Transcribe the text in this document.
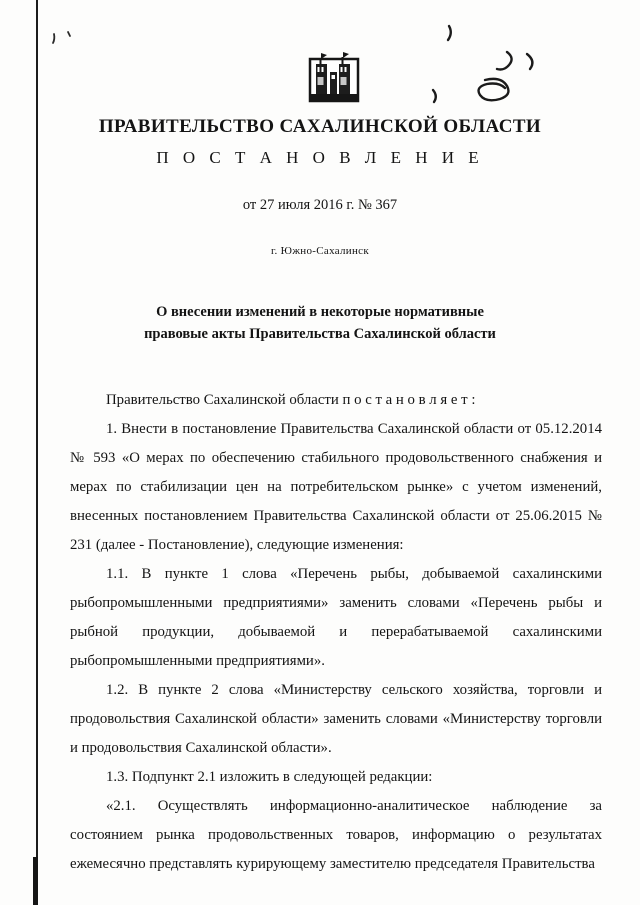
ПРАВИТЕЛЬСТВО САХАЛИНСКОЙ ОБЛАСТИ
П О С Т А Н О В Л Е Н И Е
от 27 июля 2016 г. № 367
г. Южно-Сахалинск
О внесении изменений в некоторые нормативные
правовые акты Правительства Сахалинской области

Правительство Сахалинской области п о с т а н о в л я е т :

1. Внести в постановление Правительства Сахалинской области от 05.12.2014 № 593 «О мерах по обеспечению стабильного продовольственного снабжения и мерах по стабилизации цен на потребительском рынке» с учетом изменений, внесенных постановлением Правительства Сахалинской области от 25.06.2015 № 231 (далее - Постановление), следующие изменения:

1.1. В пункте 1 слова «Перечень рыбы, добываемой сахалинскими рыбопромышленными предприятиями» заменить словами «Перечень рыбы и рыбной продукции, добываемой и перерабатываемой сахалинскими рыбопромышленными предприятиями».

1.2. В пункте 2 слова «Министерству сельского хозяйства, торговли и продовольствия Сахалинской области» заменить словами «Министерству торговли и продовольствия Сахалинской области».

1.3. Подпункт 2.1 изложить в следующей редакции:

«2.1. Осуществлять информационно-аналитическое наблюдение за состоянием рынка продовольственных товаров, информацию о результатах ежемесячно представлять курирующему заместителю председателя Правительства
